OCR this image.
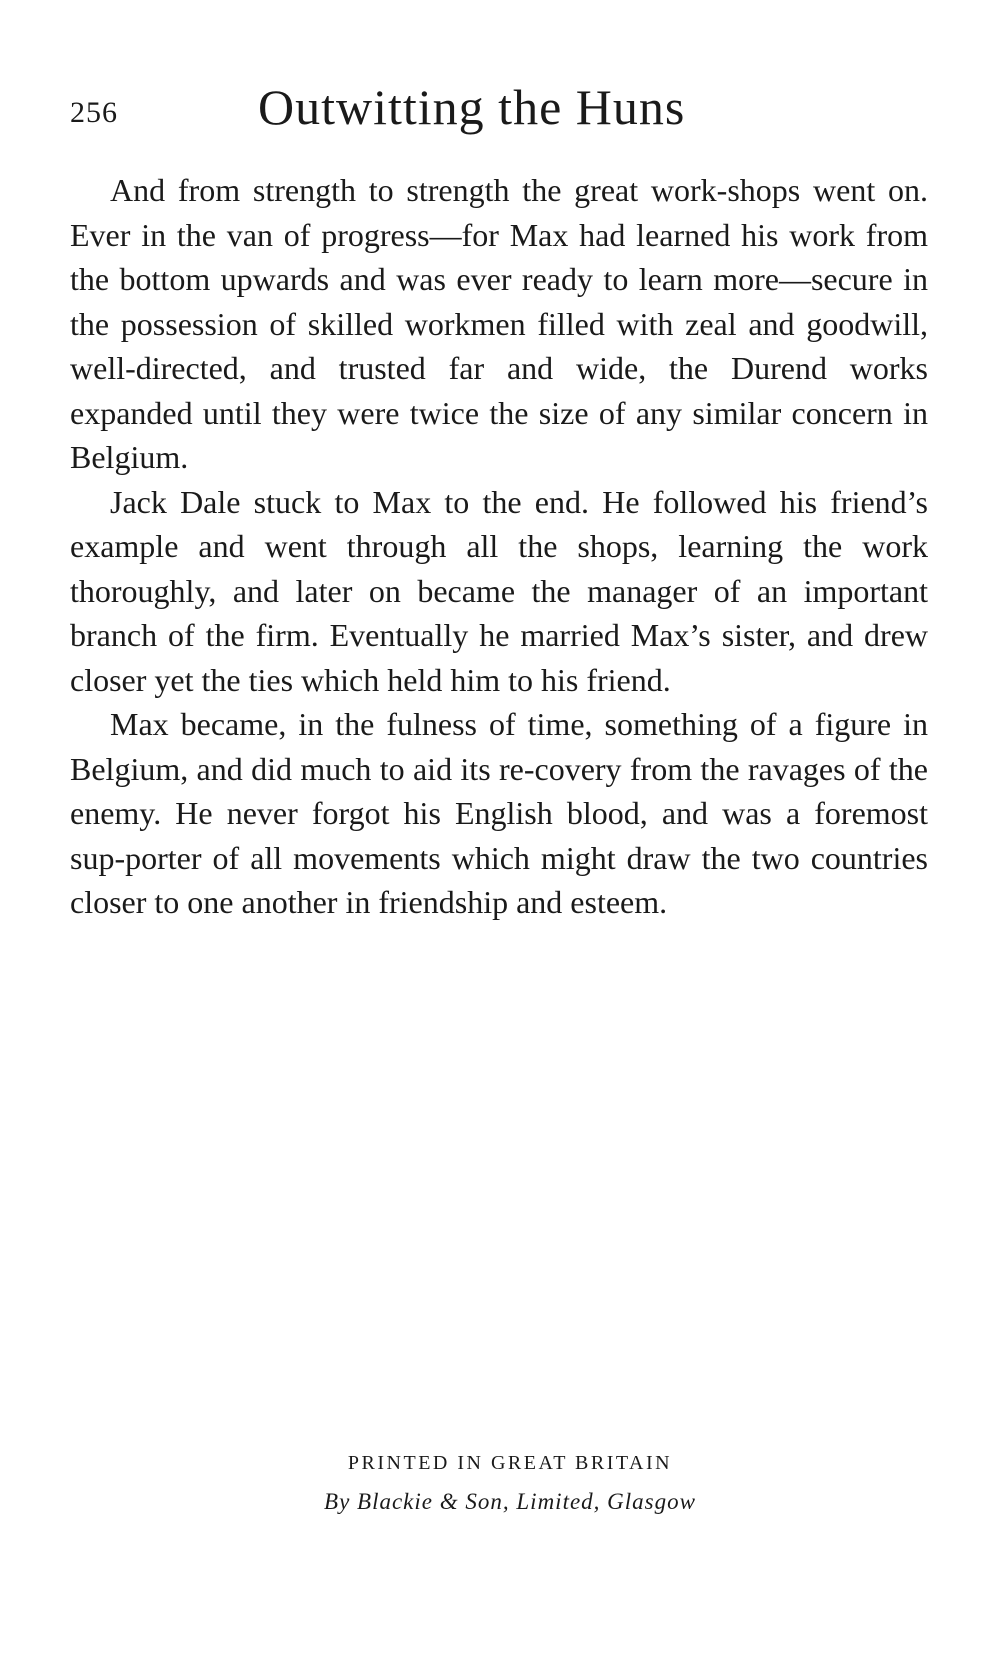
256	Outwitting the Huns

And from strength to strength the great work-shops went on. Ever in the van of progress—for Max had learned his work from the bottom upwards and was ever ready to learn more—secure in the possession of skilled workmen filled with zeal and goodwill, well-directed, and trusted far and wide, the Durend works expanded until they were twice the size of any similar concern in Belgium.

Jack Dale stuck to Max to the end. He followed his friend’s example and went through all the shops, learning the work thoroughly, and later on became the manager of an important branch of the firm. Eventually he married Max’s sister, and drew closer yet the ties which held him to his friend.

Max became, in the fulness of time, something of a figure in Belgium, and did much to aid its re-covery from the ravages of the enemy. He never forgot his English blood, and was a foremost sup-porter of all movements which might draw the two countries closer to one another in friendship and esteem.

PRINTED IN GREAT BRITAIN
By Blackie & Son, Limited, Glasgow
